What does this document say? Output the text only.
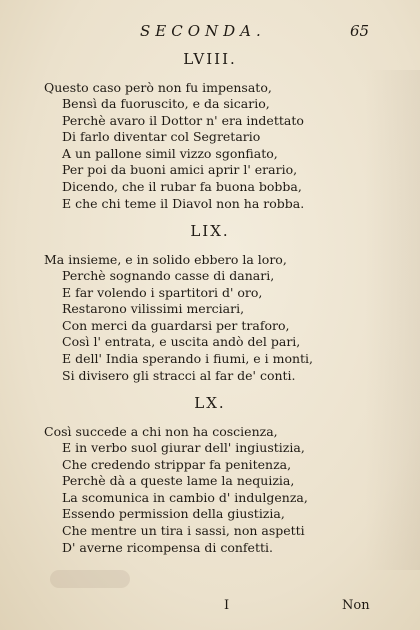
SECONDA.	65
LVIII.
Questo caso però non fu impensato,
Bensì da fuoruscito, e da sicario,
Perchè avaro il Dottor n' era indettato
Di farlo diventar col Segretario
A un pallone simil vizzo sgonfiato,
Per poi da buoni amici aprir l' erario,
Dicendo, che il rubar fa buona bobba,
E che chi teme il Diavol non ha robba.
LIX.
Ma insieme, e in solido ebbero la loro,
Perchè sognando casse di danari,
E far volendo i spartitori d' oro,
Restarono vilissimi merciari,
Con merci da guardarsi per traforo,
Così l' entrata, e uscita andò del pari,
E dell' India sperando i fiumi, e i monti,
Si divisero gli stracci al far de' conti.
LX.
Così succede a chi non ha coscienza,
E in verbo suol giurar dell' ingiustizia,
Che credendo strippar fa penitenza,
Perchè dà a queste lame la nequizia,
La scomunica in cambio d' indulgenza,
Essendo permission della giustizia,
Che mentre un tira i sassi, non aspetti
D' averne ricompensa di confetti.
I	Non
